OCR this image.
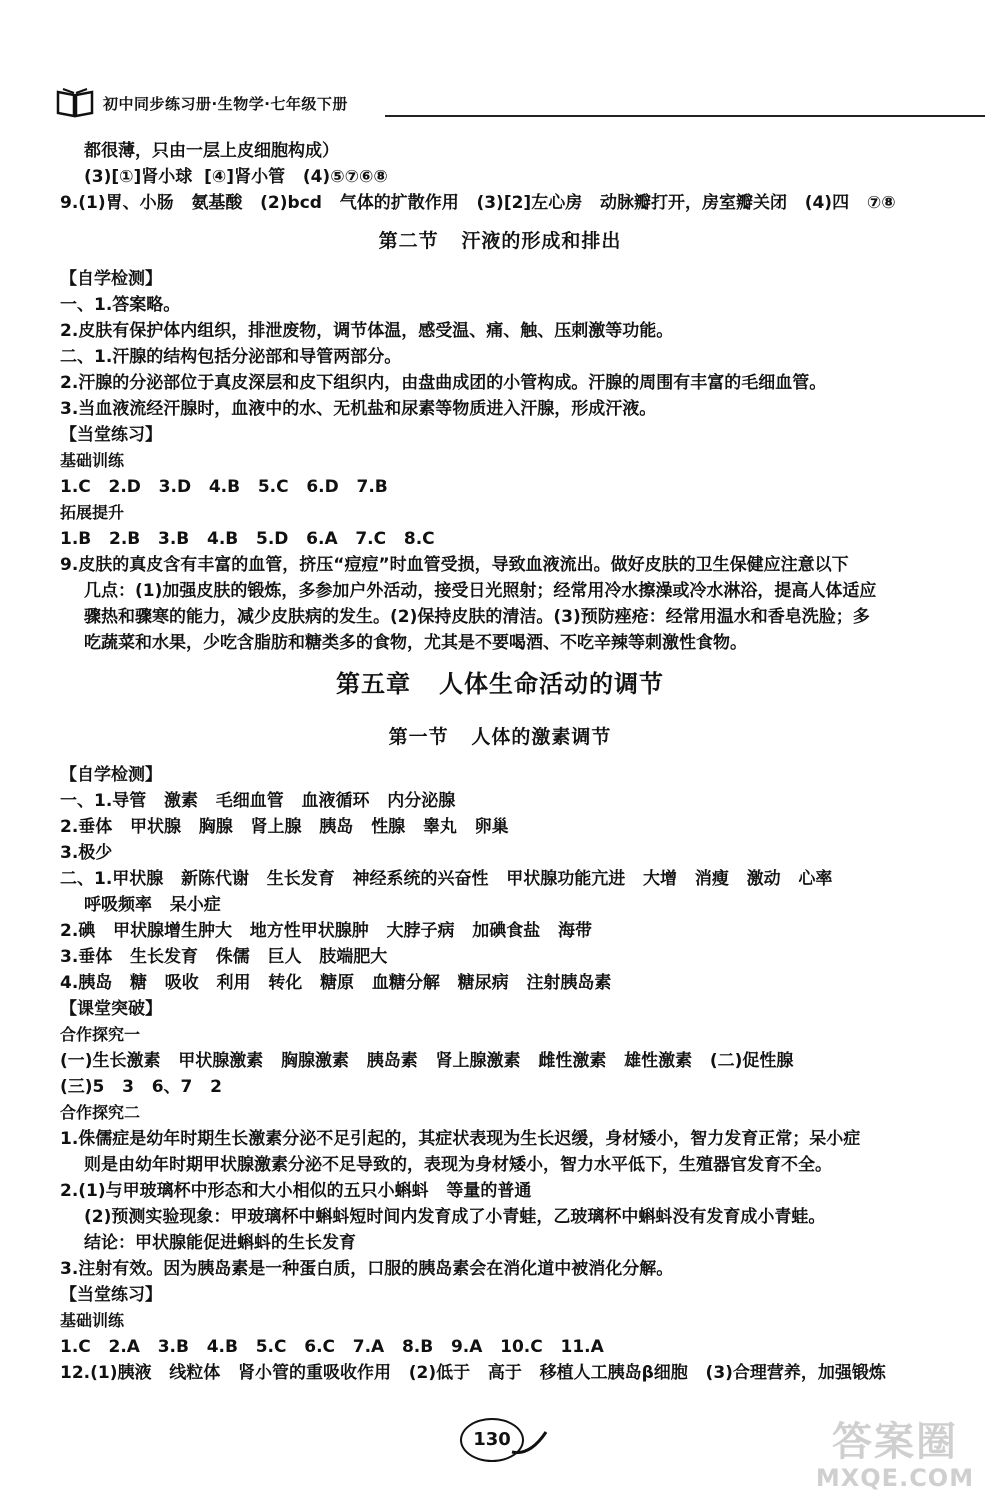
初中同步练习册·生物学·七年级下册
都很薄，只由一层上皮细胞构成）
(3)[①]肾小球  [④]肾小管   (4)⑤⑦⑥⑧
9.(1)胃、小肠   氨基酸   (2)bcd   气体的扩散作用   (3)[2]左心房   动脉瓣打开，房室瓣关闭   (4)四   ⑦⑧
第二节   汗液的形成和排出
【自学检测】
一、1.答案略。
2.皮肤有保护体内组织，排泄废物，调节体温，感受温、痛、触、压刺激等功能。
二、1.汗腺的结构包括分泌部和导管两部分。
2.汗腺的分泌部位于真皮深层和皮下组织内，由盘曲成团的小管构成。汗腺的周围有丰富的毛细血管。
3.当血液流经汗腺时，血液中的水、无机盐和尿素等物质进入汗腺，形成汗液。
【当堂练习】
基础训练
1.C   2.D   3.D   4.B   5.C   6.D   7.B
拓展提升
1.B   2.B   3.B   4.B   5.D   6.A   7.C   8.C
9.皮肤的真皮含有丰富的血管，挤压“痘痘”时血管受损，导致血液流出。做好皮肤的卫生保健应注意以下
几点：(1)加强皮肤的锻炼，多参加户外活动，接受日光照射；经常用冷水擦澡或冷水淋浴，提高人体适应
骤热和骤寒的能力，减少皮肤病的发生。(2)保持皮肤的清洁。(3)预防痤疮：经常用温水和香皂洗脸；多
吃蔬菜和水果，少吃含脂肪和糖类多的食物，尤其是不要喝酒、不吃辛辣等刺激性食物。
第五章   人体生命活动的调节
第一节   人体的激素调节
【自学检测】
一、1.导管   激素   毛细血管   血液循环   内分泌腺
2.垂体   甲状腺   胸腺   肾上腺   胰岛   性腺   睾丸   卵巢
3.极少
二、1.甲状腺   新陈代谢   生长发育   神经系统的兴奋性   甲状腺功能亢进   大增   消瘦   激动   心率
呼吸频率   呆小症
2.碘   甲状腺增生肿大   地方性甲状腺肿   大脖子病   加碘食盐   海带
3.垂体   生长发育   侏儒   巨人   肢端肥大
4.胰岛   糖   吸收   利用   转化   糖原   血糖分解   糖尿病   注射胰岛素
【课堂突破】
合作探究一
(一)生长激素   甲状腺激素   胸腺激素   胰岛素   肾上腺激素   雌性激素   雄性激素   (二)促性腺
(三)5   3   6、7   2
合作探究二
1.侏儒症是幼年时期生长激素分泌不足引起的，其症状表现为生长迟缓，身材矮小，智力发育正常；呆小症
则是由幼年时期甲状腺激素分泌不足导致的，表现为身材矮小，智力水平低下，生殖器官发育不全。
2.(1)与甲玻璃杯中形态和大小相似的五只小蝌蚪   等量的普通
(2)预测实验现象：甲玻璃杯中蝌蚪短时间内发育成了小青蛙，乙玻璃杯中蝌蚪没有发育成小青蛙。
结论：甲状腺能促进蝌蚪的生长发育
3.注射有效。因为胰岛素是一种蛋白质，口服的胰岛素会在消化道中被消化分解。
【当堂练习】
基础训练
1.C   2.A   3.B   4.B   5.C   6.C   7.A   8.B   9.A   10.C   11.A
12.(1)胰液   线粒体   肾小管的重吸收作用   (2)低于   高于   移植人工胰岛β细胞   (3)合理营养，加强锻炼
130	答案圈
MXQE.COM
